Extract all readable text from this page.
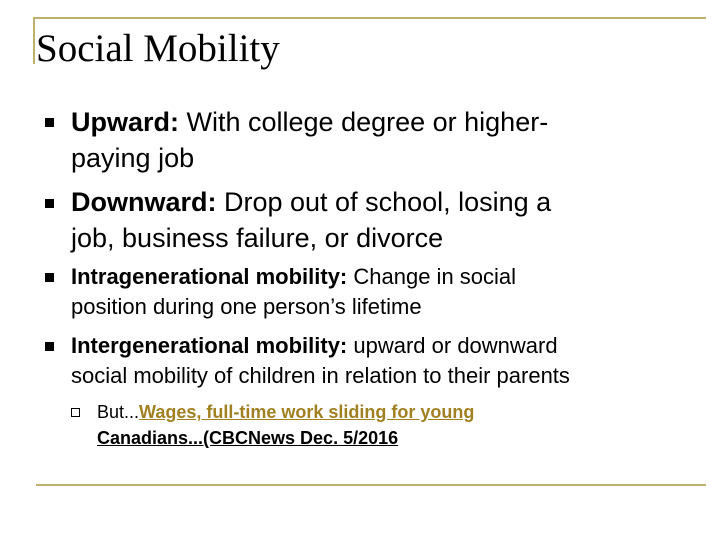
Social Mobility
Upward: With college degree or higher-
paying job
Downward: Drop out of school, losing a
job, business failure, or divorce
Intragenerational mobility: Change in social
position during one person’s lifetime
Intergenerational mobility: upward or downward
social mobility of children in relation to their parents
But...Wages, full-time work sliding for young
Canadians...(CBCNews Dec. 5/2016
